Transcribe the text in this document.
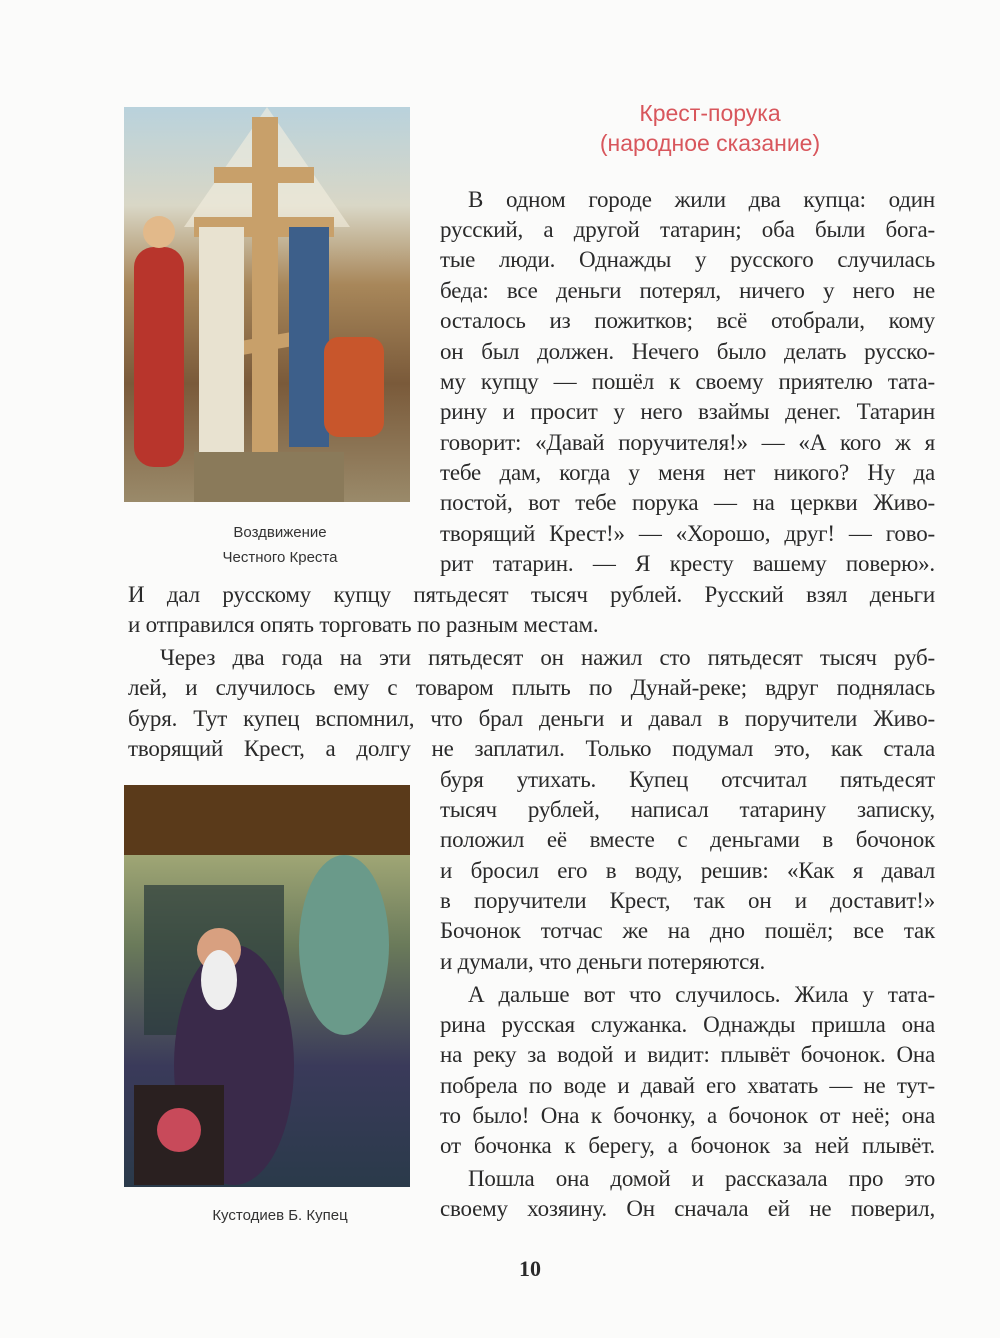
Крест-порука
(народное сказание)
Воздвижение
Честного Креста
Кустодиев Б. Купец
В одном городе жили два купца: один
русский, а другой татарин; оба были бога-
тые люди. Однажды у русского случилась
беда: все деньги потерял, ничего у него не
осталось из пожитков; всё отобрали, кому
он был должен. Нечего было делать русско-
му купцу — пошёл к своему приятелю тата-
рину и просит у него взаймы денег. Татарин
говорит: «Давай поручителя!» — «А кого ж я
тебе дам, когда у меня нет никого? Ну да
постой, вот тебе порука — на церкви Живо-
творящий Крест!» — «Хорошо, друг! — гово-
рит татарин. — Я кресту вашему поверю».
И дал русскому купцу пятьдесят тысяч рублей. Русский взял деньги
и отправился опять торговать по разным местам.
Через два года на эти пятьдесят он нажил сто пятьдесят тысяч руб-
лей, и случилось ему с товаром плыть по Дунай-реке; вдруг поднялась
буря. Тут купец вспомнил, что брал деньги и давал в поручители Живо-
творящий Крест, а долгу не заплатил. Только подумал это, как стала
буря утихать. Купец отсчитал пятьдесят
тысяч рублей, написал татарину записку,
положил её вместе с деньгами в бочонок
и бросил его в воду, решив: «Как я давал
в поручители Крест, так он и доставит!»
Бочонок тотчас же на дно пошёл; все так
и думали, что деньги потеряются.
А дальше вот что случилось. Жила у тата-
рина русская служанка. Однажды пришла она
на реку за водой и видит: плывёт бочонок. Она
побрела по воде и давай его хватать — не тут-
то было! Она к бочонку, а бочонок от неё; она
от бочонка к берегу, а бочонок за ней плывёт.
Пошла она домой и рассказала про это
своему хозяину. Он сначала ей не поверил,
10
